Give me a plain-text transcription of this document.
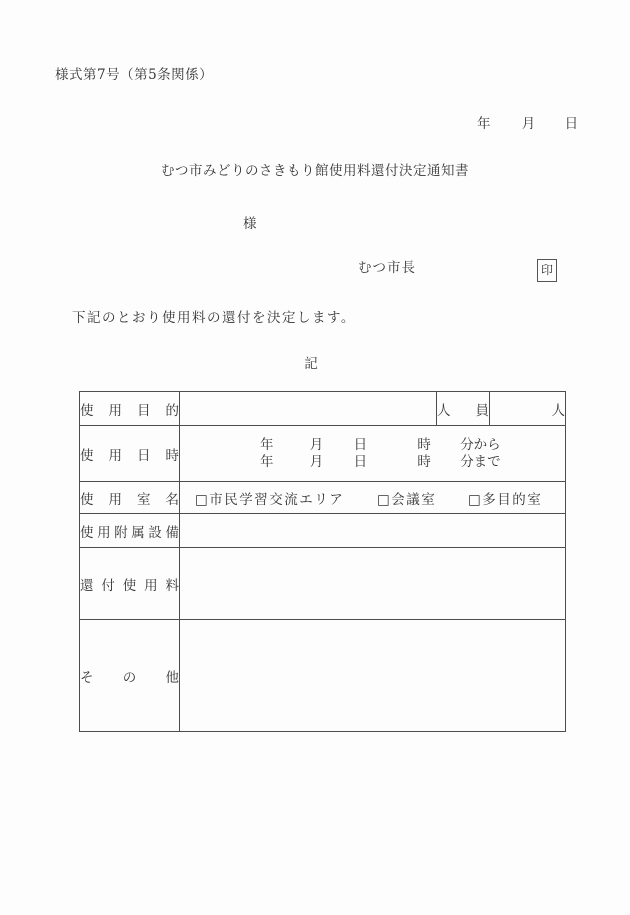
様式第7号（第5条関係）
年 月 日
むつ市みどりのさきもり館使用料還付決定通知書
様
むつ市長	印
下記のとおり使用料の還付を決定します。
記
使用目的		人員	人
使用日時	年 月 日 時 分から
年 月 日 時 分まで		

使用室名	□市民学習交流エリア □会議室 □多目的室		

使用附属設備			
還付使用料			
その他			
